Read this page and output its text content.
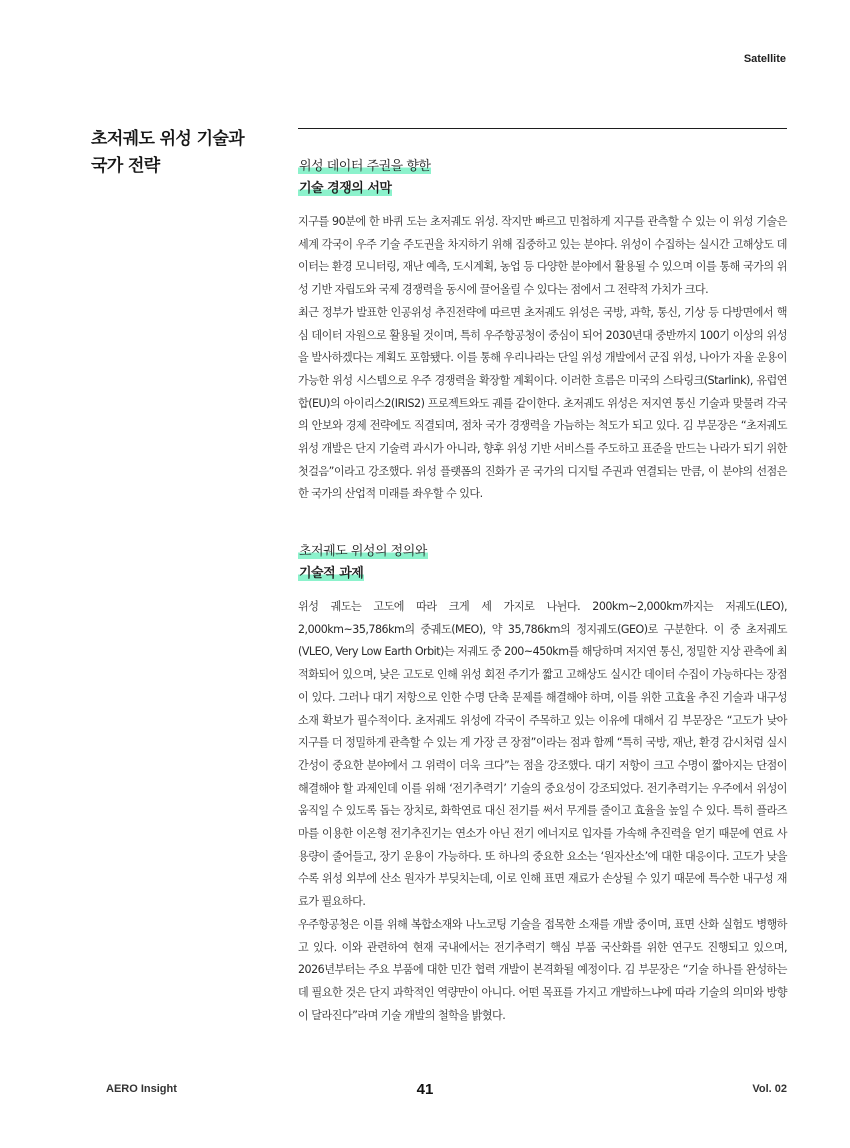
Satellite
초저궤도 위성 기술과
국가 전략	위성 데이터 주권을 향한
기술 경쟁의 서막

지구를 90분에 한 바퀴 도는 초저궤도 위성. 작지만 빠르고 민첩하게 지구를 관측할 수 있는 이 위성 기술은 세계 각국이 우주 기술 주도권을 차지하기 위해 집중하고 있는 분야다. 위성이 수집하는 실시간 고해상도 데이터는 환경 모니터링, 재난 예측, 도시계획, 농업 등 다양한 분야에서 활용될 수 있으며 이를 통해 국가의 위성 기반 자립도와 국제 경쟁력을 동시에 끌어올릴 수 있다는 점에서 그 전략적 가치가 크다.

최근 정부가 발표한 인공위성 추진전략에 따르면 초저궤도 위성은 국방, 과학, 통신, 기상 등 다방면에서 핵심 데이터 자원으로 활용될 것이며, 특히 우주항공청이 중심이 되어 2030년대 중반까지 100기 이상의 위성을 발사하겠다는 계획도 포함됐다. 이를 통해 우리나라는 단일 위성 개발에서 군집 위성, 나아가 자율 운용이 가능한 위성 시스템으로 우주 경쟁력을 확장할 계획이다. 이러한 흐름은 미국의 스타링크(Starlink), 유럽연합(EU)의 아이리스2(IRIS2) 프로젝트와도 궤를 같이한다. 초저궤도 위성은 저지연 통신 기술과 맞물려 각국의 안보와 경제 전략에도 직결되며, 점차 국가 경쟁력을 가늠하는 척도가 되고 있다. 김 부문장은 “초저궤도 위성 개발은 단지 기술력 과시가 아니라, 향후 위성 기반 서비스를 주도하고 표준을 만드는 나라가 되기 위한 첫걸음”이라고 강조했다. 위성 플랫폼의 진화가 곧 국가의 디지털 주권과 연결되는 만큼, 이 분야의 선점은 한 국가의 산업적 미래를 좌우할 수 있다.

초저궤도 위성의 정의와
기술적 과제

위성 궤도는 고도에 따라 크게 세 가지로 나뉜다. 200km~2,000km까지는 저궤도(LEO), 2,000km~35,786km의 중궤도(MEO), 약 35,786km의 정지궤도(GEO)로 구분한다. 이 중 초저궤도(VLEO, Very Low Earth Orbit)는 저궤도 중 200~450km를 해당하며 저지연 통신, 정밀한 지상 관측에 최적화되어 있으며, 낮은 고도로 인해 위성 회전 주기가 짧고 고해상도 실시간 데이터 수집이 가능하다는 장점이 있다. 그러나 대기 저항으로 인한 수명 단축 문제를 해결해야 하며, 이를 위한 고효율 추진 기술과 내구성 소재 확보가 필수적이다. 초저궤도 위성에 각국이 주목하고 있는 이유에 대해서 김 부문장은 “고도가 낮아 지구를 더 정밀하게 관측할 수 있는 게 가장 큰 장점”이라는 점과 함께 “특히 국방, 재난, 환경 감시처럼 실시간성이 중요한 분야에서 그 위력이 더욱 크다”는 점을 강조했다. 대기 저항이 크고 수명이 짧아지는 단점이 해결해야 할 과제인데 이를 위해 ‘전기추력기’ 기술의 중요성이 강조되었다. 전기추력기는 우주에서 위성이 움직일 수 있도록 돕는 장치로, 화학연료 대신 전기를 써서 무게를 줄이고 효율을 높일 수 있다. 특히 플라즈마를 이용한 이온형 전기추진기는 연소가 아닌 전기 에너지로 입자를 가속해 추진력을 얻기 때문에 연료 사용량이 줄어들고, 장기 운용이 가능하다. 또 하나의 중요한 요소는 ‘원자산소’에 대한 대응이다. 고도가 낮을수록 위성 외부에 산소 원자가 부딪치는데, 이로 인해 표면 재료가 손상될 수 있기 때문에 특수한 내구성 재료가 필요하다.

우주항공청은 이를 위해 복합소재와 나노코팅 기술을 접목한 소재를 개발 중이며, 표면 산화 실험도 병행하고 있다. 이와 관련하여 현재 국내에서는 전기추력기 핵심 부품 국산화를 위한 연구도 진행되고 있으며, 2026년부터는 주요 부품에 대한 민간 협력 개발이 본격화될 예정이다. 김 부문장은 “기술 하나를 완성하는 데 필요한 것은 단지 과학적인 역량만이 아니다. 어떤 목표를 가지고 개발하느냐에 따라 기술의 의미와 방향이 달라진다”라며 기술 개발의 철학을 밝혔다.

AERO Insight	41	Vol. 02
